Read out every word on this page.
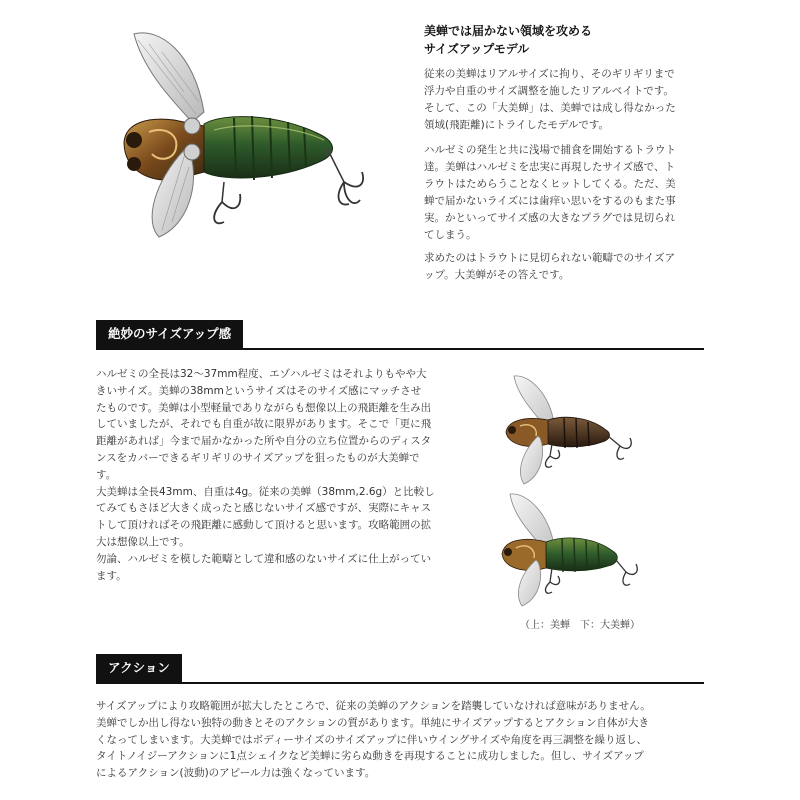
美蝉では届かない領域を攻める
サイズアップモデル

従来の美蝉はリアルサイズに拘り、そのギリギリまで

浮力や自重のサイズ調整を施したリアルベイトです。

そして、この「大美蝉」は、美蝉では成し得なかった

領域(飛距離)にトライしたモデルです。

ハルゼミの発生と共に浅場で捕食を開始するトラウト

達。美蝉はハルゼミを忠実に再現したサイズ感で、ト

ラウトはためらうことなくヒットしてくる。ただ、美

蝉で届かないライズには歯痒い思いをするのもまた事

実。かといってサイズ感の大きなプラグでは見切られ

てしまう。

求めたのはトラウトに見切られない範疇でのサイズア

ップ。大美蝉がその答えです。

絶妙のサイズアップ感

ハルゼミの全長は32～37mm程度、エゾハルゼミはそれよりもやや大

きいサイズ。美蝉の38mmというサイズはそのサイズ感にマッチさせ

たものです。美蝉は小型軽量でありながらも想像以上の飛距離を生み出

していましたが、それでも自重が故に限界があります。そこで「更に飛

距離があれば」今まで届かなかった所や自分の立ち位置からのディスタ

ンスをカバーできるギリギリのサイズアップを狙ったものが大美蝉で

す。

大美蝉は全長43mm、自重は4g。従来の美蝉（38mm,2.6g）と比較し

てみてもさほど大きく成ったと感じないサイズ感ですが、実際にキャス

トして頂ければその飛距離に感動して頂けると思います。攻略範囲の拡

大は想像以上です。

勿論、ハルゼミを模した範疇として違和感のないサイズに仕上がってい

ます。

（上：美蝉　下：大美蝉）
アクション

サイズアップにより攻略範囲が拡大したところで、従来の美蝉のアクションを踏襲していなければ意味がありません。

美蝉でしか出し得ない独特の動きとそのアクションの質があります。単純にサイズアップするとアクション自体が大き

くなってしまいます。大美蝉ではボディーサイズのサイズアップに伴いウイングサイズや角度を再三調整を繰り返し、

タイトノイジーアクションに1点シェイクなど美蝉に劣らぬ動きを再現することに成功しました。但し、サイズアップ

によるアクション(波動)のアピール力は強くなっています。
